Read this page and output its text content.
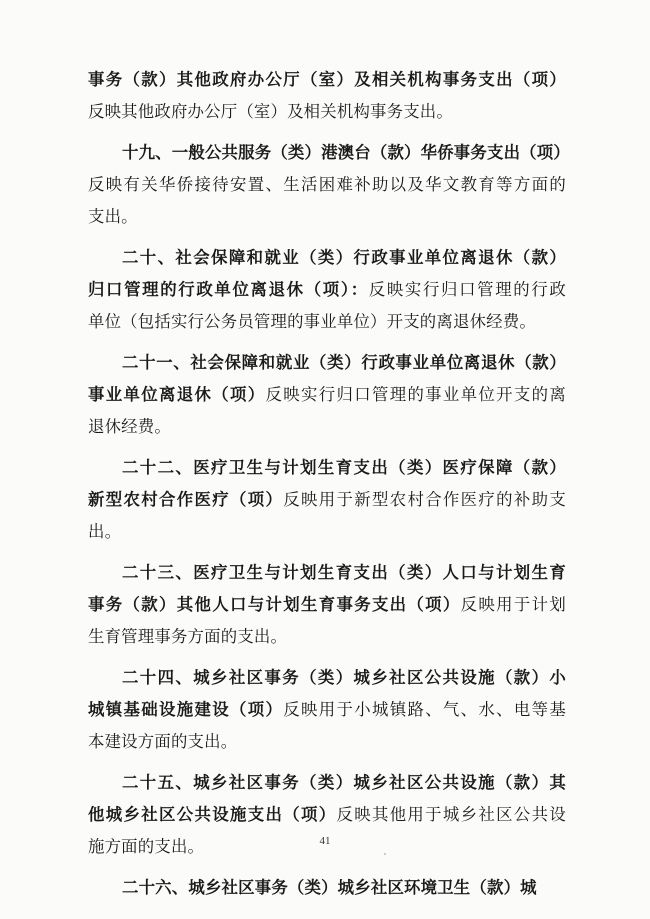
事务（款）其他政府办公厅（室）及相关机构事务支出（项）
反映其他政府办公厅（室）及相关机构事务支出。
十九、一般公共服务（类）港澳台（款）华侨事务支出（项）
反映有关华侨接待安置、生活困难补助以及华文教育等方面的
支出。
二十、社会保障和就业（类）行政事业单位离退休（款）
归口管理的行政单位离退休（项）：反映实行归口管理的行政
单位（包括实行公务员管理的事业单位）开支的离退休经费。
二十一、社会保障和就业（类）行政事业单位离退休（款）
事业单位离退休（项）反映实行归口管理的事业单位开支的离
退休经费。
二十二、医疗卫生与计划生育支出（类）医疗保障（款）
新型农村合作医疗（项）反映用于新型农村合作医疗的补助支
出。
二十三、医疗卫生与计划生育支出（类）人口与计划生育
事务（款）其他人口与计划生育事务支出（项）反映用于计划
生育管理事务方面的支出。
二十四、城乡社区事务（类）城乡社区公共设施（款）小
城镇基础设施建设（项）反映用于小城镇路、气、水、电等基
本建设方面的支出。
二十五、城乡社区事务（类）城乡社区公共设施（款）其
他城乡社区公共设施支出（项）反映其他用于城乡社区公共设
施方面的支出。
二十六、城乡社区事务（类）城乡社区环境卫生（款）城
41
